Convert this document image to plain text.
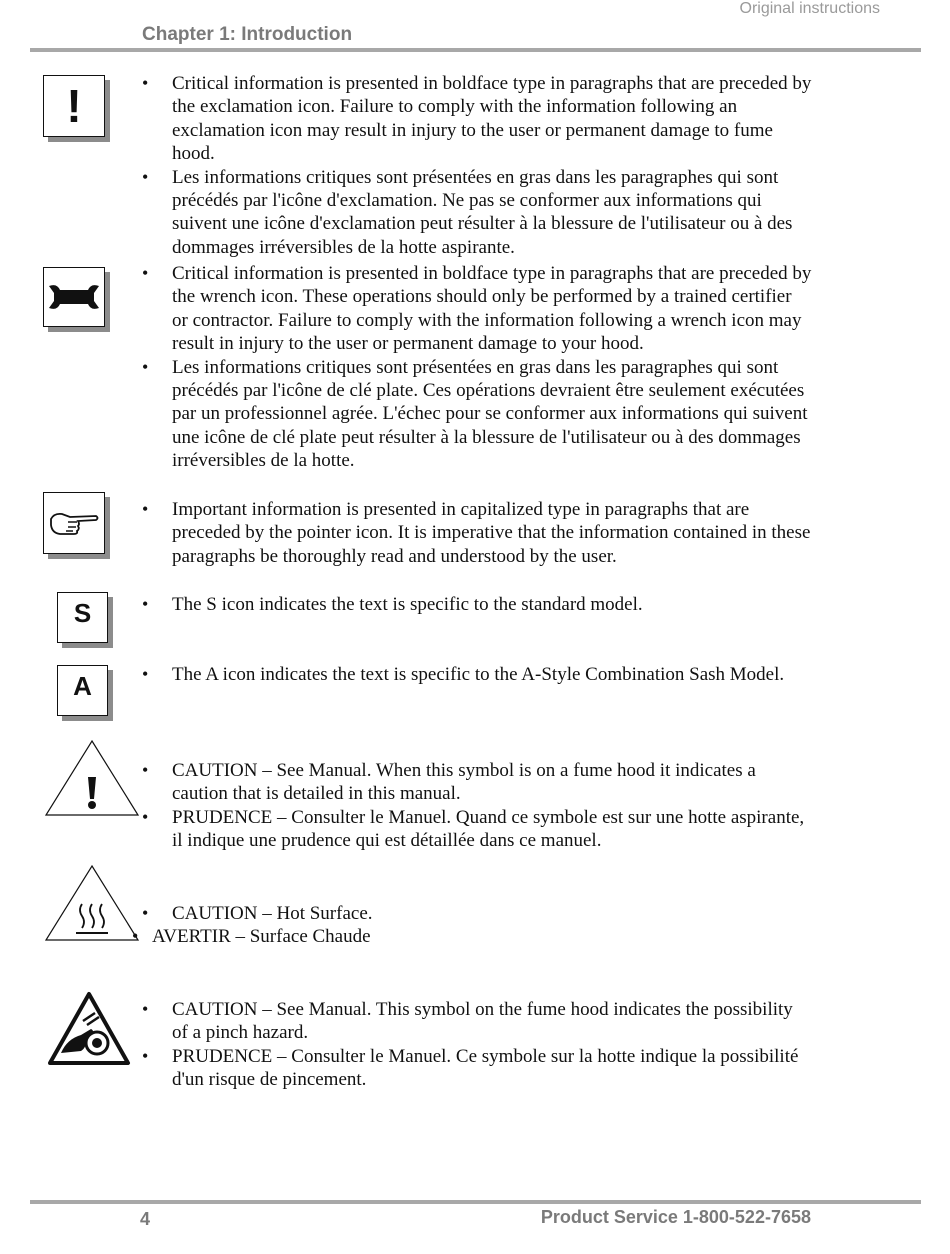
Original instructions
Chapter 1: Introduction
!	• Critical information is presented in boldface type in paragraphs that are preceded by the exclamation icon. Failure to comply with the information following an exclamation icon may result in injury to the user or permanent damage to fume hood.
• Les informations critiques sont présentées en gras dans les paragraphes qui sont précédés par l'icône d'exclamation. Ne pas se conformer aux informations qui suivent une icône d'exclamation peut résulter à la blessure de l'utilisateur ou à des dommages irréversibles de la hotte aspirante.
• Critical information is presented in boldface type in paragraphs that are preceded by the wrench icon. These operations should only be performed by a trained certifier or contractor. Failure to comply with the information following a wrench icon may result in injury to the user or permanent damage to your hood.
• Les informations critiques sont présentées en gras dans les paragraphes qui sont précédés par l'icône de clé plate. Ces opérations devraient être seulement exécutées par un professionnel agrée. L'échec pour se conformer aux informations qui suivent une icône de clé plate peut résulter à la blessure de l'utilisateur ou à des dommages irréversibles de la hotte.
• Important information is presented in capitalized type in paragraphs that are preceded by the pointer icon. It is imperative that the information contained in these paragraphs be thoroughly read and understood by the user.
S	• The S icon indicates the text is specific to the standard model.
A	• The A icon indicates the text is specific to the A-Style Combination Sash Model.
• CAUTION – See Manual. When this symbol is on a fume hood it indicates a caution that is detailed in this manual.
• PRUDENCE – Consulter le Manuel. Quand ce symbole est sur une hotte aspirante, il indique une prudence qui est détaillée dans ce manuel.
• CAUTION – Hot Surface.
• AVERTIR – Surface Chaude
• CAUTION – See Manual. This symbol on the fume hood indicates the possibility of a pinch hazard.
• PRUDENCE – Consulter le Manuel. Ce symbole sur la hotte indique la possibilité d'un risque de pincement.
4	Product Service 1-800-522-7658
